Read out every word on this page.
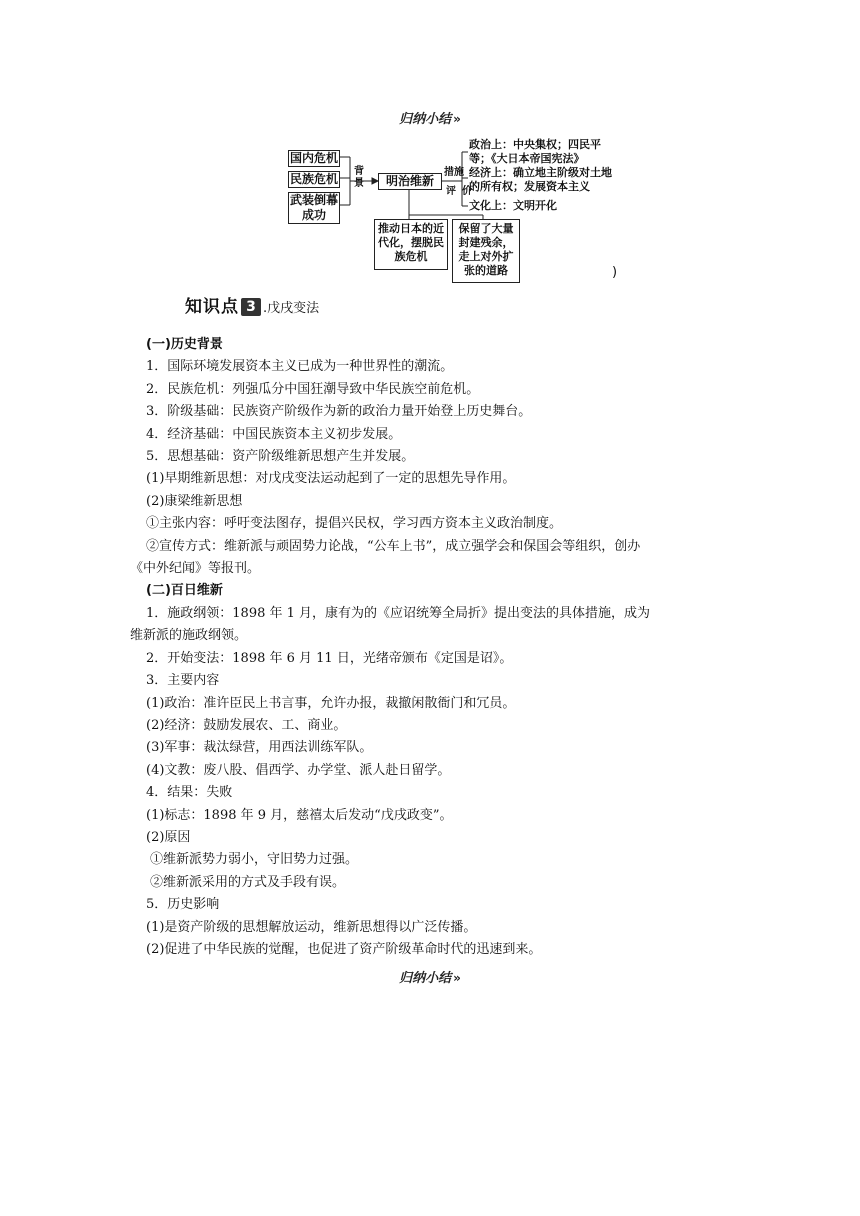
归纳小结 »
国内危机
民族危机
武装倒幕成功
背景	明治维新
措施
评价
政治上：中央集权；四民平等；《大日本帝国宪法》
经济上：确立地主阶级对土地的所有权；发展资本主义
文化上：文明开化
推动日本的近代化，摆脱民族危机
保留了大量封建残余，走上对外扩张的道路	)
知识点 3 .戊戌变法

(一)历史背景

1．国际环境发展资本主义已成为一种世界性的潮流。

2．民族危机：列强瓜分中国狂潮导致中华民族空前危机。

3．阶级基础：民族资产阶级作为新的政治力量开始登上历史舞台。

4．经济基础：中国民族资本主义初步发展。

5．思想基础：资产阶级维新思想产生并发展。

(1)早期维新思想：对戊戌变法运动起到了一定的思想先导作用。

(2)康梁维新思想

①主张内容：呼吁变法图存，提倡兴民权，学习西方资本主义政治制度。

②宣传方式：维新派与顽固势力论战，“公车上书”，成立强学会和保国会等组织，创办

《中外纪闻》等报刊。

(二)百日维新

1．施政纲领：1898 年 1 月，康有为的《应诏统筹全局折》提出变法的具体措施，成为

维新派的施政纲领。

2．开始变法：1898 年 6 月 11 日，光绪帝颁布《定国是诏》。

3．主要内容

(1)政治：准许臣民上书言事，允许办报，裁撤闲散衙门和冗员。

(2)经济：鼓励发展农、工、商业。

(3)军事：裁汰绿营，用西法训练军队。

(4)文教：废八股、倡西学、办学堂、派人赴日留学。

4．结果：失败

(1)标志：1898 年 9 月，慈禧太后发动“戊戌政变”。

(2)原因

①维新派势力弱小，守旧势力过强。

②维新派采用的方式及手段有误。

5．历史影响

(1)是资产阶级的思想解放运动，维新思想得以广泛传播。

(2)促进了中华民族的觉醒，也促进了资产阶级革命时代的迅速到来。

归纳小结 »
